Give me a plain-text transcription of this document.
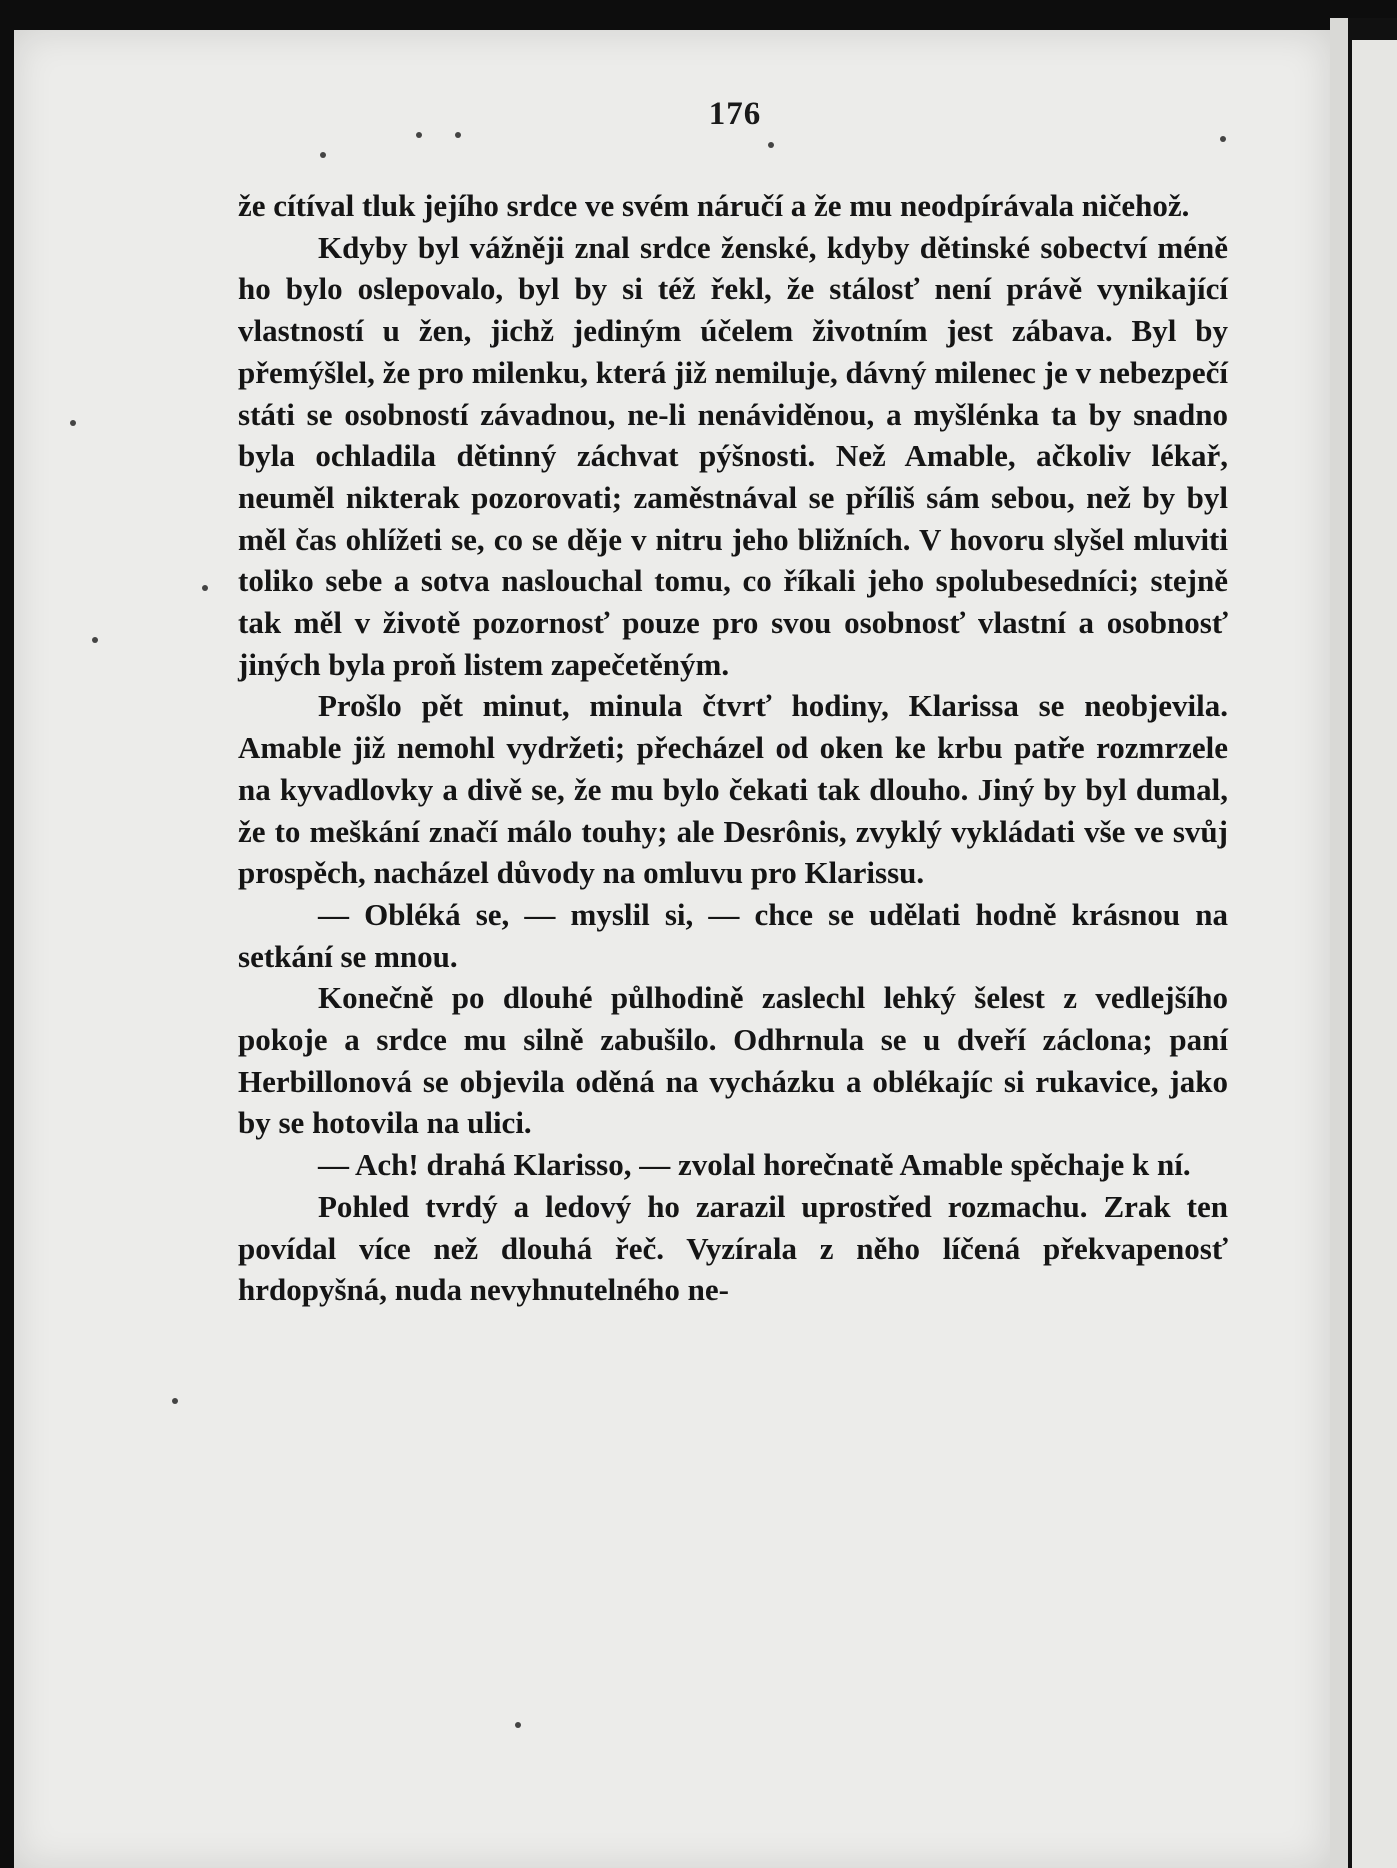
176

že cítíval tluk jejího srdce ve svém náručí a že mu neodpírávala ničehož.

Kdyby byl vážněji znal srdce ženské, kdyby dětinské sobectví méně ho bylo oslepovalo, byl by si též řekl, že stálosť není právě vynikající vlastností u žen, jichž jediným účelem životním jest zábava. Byl by přemýšlel, že pro milenku, která již nemiluje, dávný milenec je v nebezpečí státi se osobností závadnou, ne-li nenáviděnou, a myšlénka ta by snadno byla ochladila dětinný záchvat pýšnosti. Než Amable, ačkoliv lékař, neuměl nikterak pozorovati; zaměstnával se příliš sám sebou, než by byl měl čas ohlížeti se, co se děje v nitru jeho bližních. V hovoru slyšel mluviti toliko sebe a sotva naslouchal tomu, co říkali jeho spolubesedníci; stejně tak měl v životě pozornosť pouze pro svou osobnosť vlastní a osobnosť jiných byla proň listem zapečetěným.

Prošlo pět minut, minula čtvrť hodiny, Klarissa se neobjevila. Amable již nemohl vydržeti; přecházel od oken ke krbu patře rozmrzele na kyvadlovky a divě se, že mu bylo čekati tak dlouho. Jiný by byl dumal, že to meškání značí málo touhy; ale Desrônis, zvyklý vykládati vše ve svůj prospěch, nacházel důvody na omluvu pro Klarissu.

— Obléká se, — myslil si, — chce se udělati hodně krásnou na setkání se mnou.

Konečně po dlouhé půlhodině zaslechl lehký šelest z vedlejšího pokoje a srdce mu silně zabušilo. Odhrnula se u dveří záclona; paní Herbillonová se objevila oděná na vycházku a oblékajíc si rukavice, jako by se hotovila na ulici.

— Ach! drahá Klarisso, — zvolal horečnatě Amable spěchaje k ní.

Pohled tvrdý a ledový ho zarazil uprostřed rozmachu. Zrak ten povídal více než dlouhá řeč. Vyzírala z něho líčená překvapenosť hrdopyšná, nuda nevyhnutelného ne-
